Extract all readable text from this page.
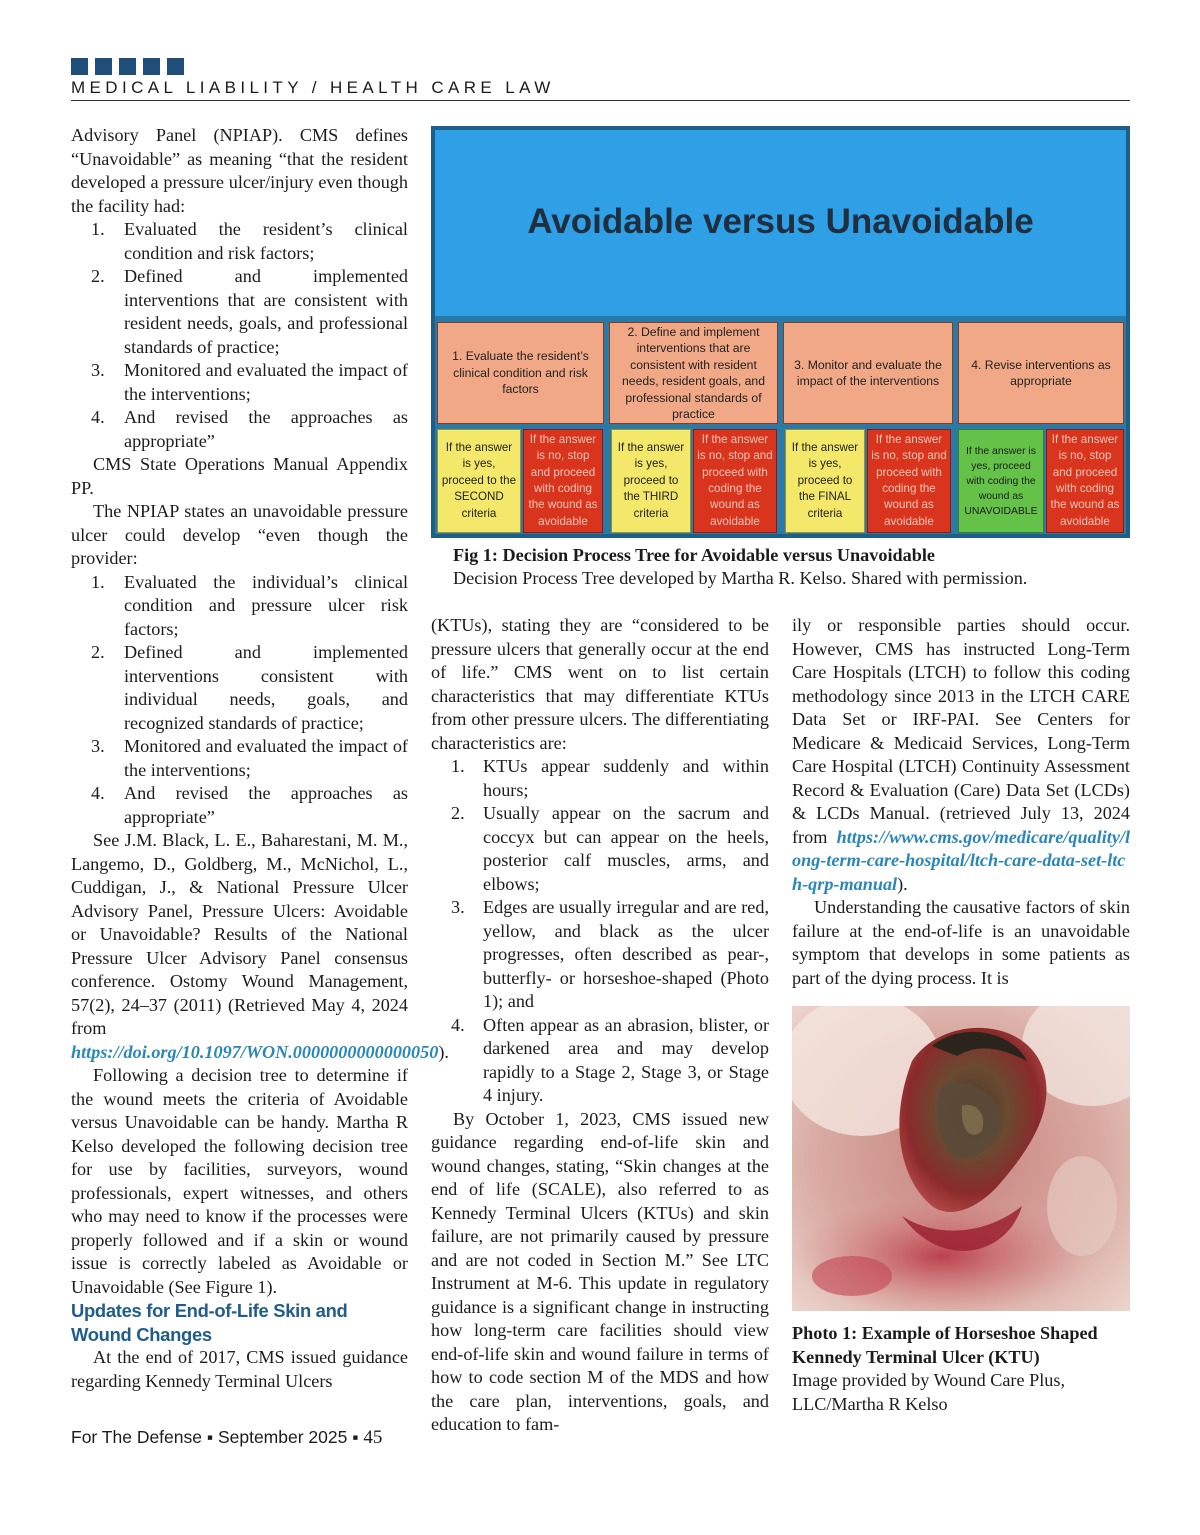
MEDICAL LIABILITY / HEALTH CARE LAW

Advisory Panel (NPIAP). CMS defines “Unavoidable” as meaning “that the resident developed a pressure ulcer/injury even though the facility had:

1. Evaluated the resident’s clinical condition and risk factors;
2. Defined and implemented interventions that are consistent with resident needs, goals, and professional standards of practice;
3. Monitored and evaluated the impact of the interventions;
4. And revised the approaches as appropriate”

CMS State Operations Manual Appendix PP.

The NPIAP states an unavoidable pressure ulcer could develop “even though the provider:

1. Evaluated the individual’s clinical condition and pressure ulcer risk factors;
2. Defined and implemented interventions consistent with individual needs, goals, and recognized standards of practice;
3. Monitored and evaluated the impact of the interventions;
4. And revised the approaches as appropriate”

See J.M. Black, L. E., Baharestani, M. M., Langemo, D., Goldberg, M., McNichol, L., Cuddigan, J., & National Pressure Ulcer Advisory Panel, Pressure Ulcers: Avoidable or Unavoidable? Results of the National Pressure Ulcer Advisory Panel consensus conference. Ostomy Wound Management, 57(2), 24–37 (2011) (Retrieved May 4, 2024 from https://doi.org/10.1097/WON.0000000000000050).

Following a decision tree to determine if the wound meets the criteria of Avoidable versus Unavoidable can be handy. Martha R Kelso developed the following decision tree for use by facilities, surveyors, wound professionals, expert witnesses, and others who may need to know if the processes were properly followed and if a skin or wound issue is correctly labeled as Avoidable or Unavoidable (See Figure 1).

Updates for End-of-Life Skin and Wound Changes

At the end of 2017, CMS issued guidance regarding Kennedy Terminal Ulcers

Avoidable versus Unavoidable
1. Evaluate the resident’s clinical condition and risk factors
2. Define and implement interventions that are consistent with resident needs, resident goals, and professional standards of practice
3. Monitor and evaluate the impact of the interventions
4. Revise interventions as appropriate
If the answer is yes, proceed to the SECOND criteria
If the answer is no, stop and proceed with coding the wound as avoidable
If the answer is yes, proceed to the THIRD criteria
If the answer is no, stop and proceed with coding the wound as avoidable
If the answer is yes, proceed to the FINAL criteria
If the answer is no, stop and proceed with coding the wound as avoidable
If the answer is yes, proceed with coding the wound as UNAVOIDABLE
If the answer is no, stop and proceed with coding the wound as avoidable
Fig 1: Decision Process Tree for Avoidable versus Unavoidable
Decision Process Tree developed by Martha R. Kelso. Shared with permission.

(KTUs), stating they are “considered to be pressure ulcers that generally occur at the end of life.” CMS went on to list certain characteristics that may differentiate KTUs from other pressure ulcers. The differentiating characteristics are:

1. KTUs appear suddenly and within hours;
2. Usually appear on the sacrum and coccyx but can appear on the heels, posterior calf muscles, arms, and elbows;
3. Edges are usually irregular and are red, yellow, and black as the ulcer progresses, often described as pear-, butterfly- or horseshoe-shaped (Photo 1); and
4. Often appear as an abrasion, blister, or darkened area and may develop rapidly to a Stage 2, Stage 3, or Stage 4 injury.

By October 1, 2023, CMS issued new guidance regarding end-of-life skin and wound changes, stating, “Skin changes at the end of life (SCALE), also referred to as Kennedy Terminal Ulcers (KTUs) and skin failure, are not primarily caused by pressure and are not coded in Section M.” See LTC Instrument at M-6. This update in regulatory guidance is a significant change in instructing how long-term care facilities should view end-of-life skin and wound failure in terms of how to code section M of the MDS and how the care plan, interventions, goals, and education to fam-

ily or responsible parties should occur. However, CMS has instructed Long-Term Care Hospitals (LTCH) to follow this coding methodology since 2013 in the LTCH CARE Data Set or IRF-PAI. See Centers for Medicare & Medicaid Services, Long-Term Care Hospital (LTCH) Continuity Assessment Record & Evaluation (Care) Data Set (LCDs) & LCDs Manual. (retrieved July 13, 2024 from https://www.cms.gov/medicare/quality/long-term-care-hospital/ltch-care-data-set-ltch-qrp-manual).

Understanding the causative factors of skin failure at the end-of-life is an unavoidable symptom that develops in some patients as part of the dying process. It is

Photo 1: Example of Horseshoe Shaped Kennedy Terminal Ulcer (KTU)
Image provided by Wound Care Plus, LLC/Martha R Kelso
For The Defense ▪ September 2025 ▪ 45
